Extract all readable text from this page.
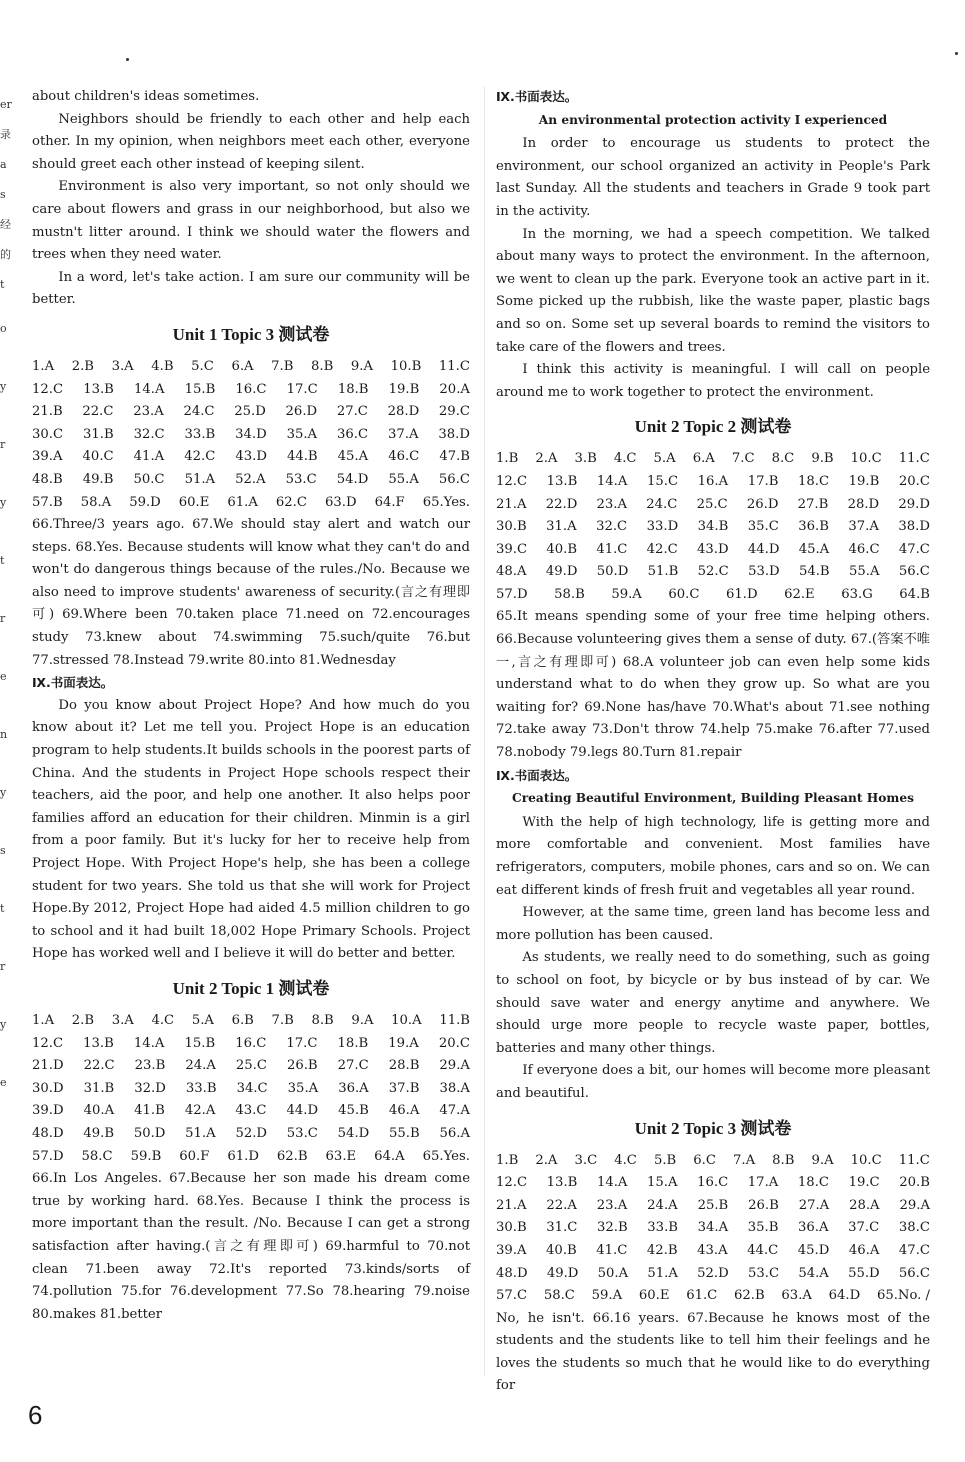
er
录
a
s
经
的
t
o
y
r
y
t
r
e
n
y
s
t
r
y
e

about children's ideas sometimes.

Neighbors should be friendly to each other and help each other. In my opinion, when neighbors meet each other, everyone should greet each other instead of keeping silent.

Environment is also very important, so not only should we care about flowers and grass in our neighborhood, but also we mustn't litter around. I think we should water the flowers and trees when they need water.

In a word, let's take action. I am sure our community will be better.

Unit 1 Topic 3 测试卷
1.A 2.B 3.A 4.B 5.C 6.A 7.B 8.B 9.A 10.B 11.C
12.C 13.B 14.A 15.B 16.C 17.C 18.B 19.B 20.A
21.B 22.C 23.A 24.C 25.D 26.D 27.C 28.D 29.C
30.C 31.B 32.C 33.B 34.D 35.A 36.C 37.A 38.D
39.A 40.C 41.A 42.C 43.D 44.B 45.A 46.C 47.B
48.B 49.B 50.C 51.A 52.A 53.C 54.D 55.A 56.C
57.B 58.A 59.D 60.E 61.A 62.C 63.D 64.F 65.Yes.

66.Three/3 years ago. 67.We should stay alert and watch our steps. 68.Yes. Because students will know what they can't do and won't do dangerous things because of the rules./No. Because we also need to improve students' awareness of security.(言之有理即可) 69.Where been 70.taken place 71.need on 72.encourages study 73.knew about 74.swimming 75.such/quite 76.but 77.stressed 78.Instead 79.write 80.into 81.Wednesday

Ⅸ.书面表达。

Do you know about Project Hope? And how much do you know about it? Let me tell you. Project Hope is an education program to help students.It builds schools in the poorest parts of China. And the students in Project Hope schools respect their teachers, aid the poor, and help one another. It also helps poor families afford an education for their children. Minmin is a girl from a poor family. But it's lucky for her to receive help from Project Hope. With Project Hope's help, she has been a college student for two years. She told us that she will work for Project Hope.By 2012, Project Hope had aided 4.5 million children to go to school and it had built 18,002 Hope Primary Schools. Project Hope has worked well and I believe it will do better and better.

Unit 2 Topic 1 测试卷
1.A 2.B 3.A 4.C 5.A 6.B 7.B 8.B 9.A 10.A 11.B
12.C 13.B 14.A 15.B 16.C 17.C 18.B 19.A 20.C
21.D 22.C 23.B 24.A 25.C 26.B 27.C 28.B 29.A
30.D 31.B 32.D 33.B 34.C 35.A 36.A 37.B 38.A
39.D 40.A 41.B 42.A 43.C 44.D 45.B 46.A 47.A
48.D 49.B 50.D 51.A 52.D 53.C 54.D 55.B 56.A
57.D 58.C 59.B 60.F 61.D 62.B 63.E 64.A 65.Yes.

66.In Los Angeles. 67.Because her son made his dream come true by working hard. 68.Yes. Because I think the process is more important than the result. /No. Because I can get a strong satisfaction after having.(言之有理即可) 69.harmful to 70.not clean 71.been away 72.It's reported 73.kinds/sorts of 74.pollution 75.for 76.development 77.So 78.hearing 79.noise 80.makes 81.better

Ⅸ.书面表达。

An environmental protection activity I experienced

In order to encourage us students to protect the environment, our school organized an activity in People's Park last Sunday. All the students and teachers in Grade 9 took part in the activity.

In the morning, we had a speech competition. We talked about many ways to protect the environment. In the afternoon, we went to clean up the park. Everyone took an active part in it. Some picked up the rubbish, like the waste paper, plastic bags and so on. Some set up several boards to remind the visitors to take care of the flowers and trees.

I think this activity is meaningful. I will call on people around me to work together to protect the environment.

Unit 2 Topic 2 测试卷
1.B 2.A 3.B 4.C 5.A 6.A 7.C 8.C 9.B 10.C 11.C
12.C 13.B 14.A 15.C 16.A 17.B 18.C 19.B 20.C
21.A 22.D 23.A 24.C 25.C 26.D 27.B 28.D 29.D
30.B 31.A 32.C 33.D 34.B 35.C 36.B 37.A 38.D
39.C 40.B 41.C 42.C 43.D 44.D 45.A 46.C 47.C
48.A 49.D 50.D 51.B 52.C 53.D 54.B 55.A 56.C
57.D 58.B 59.A 60.C 61.D 62.E 63.G 64.B

65.It means spending some of your free time helping others. 66.Because volunteering gives them a sense of duty. 67.(答案不唯一,言之有理即可) 68.A volunteer job can even help some kids understand what to do when they grow up. So what are you waiting for? 69.None has/have 70.What's about 71.see nothing 72.take away 73.Don't throw 74.help 75.make 76.after 77.used 78.nobody 79.legs 80.Turn 81.repair

Ⅸ.书面表达。

Creating Beautiful Environment, Building Pleasant Homes

With the help of high technology, life is getting more and more comfortable and convenient. Most families have refrigerators, computers, mobile phones, cars and so on. We can eat different kinds of fresh fruit and vegetables all year round.

However, at the same time, green land has become less and more pollution has been caused.

As students, we really need to do something, such as going to school on foot, by bicycle or by bus instead of by car. We should save water and energy anytime and anywhere. We should urge more people to recycle waste paper, bottles, batteries and many other things.

If everyone does a bit, our homes will become more pleasant and beautiful.

Unit 2 Topic 3 测试卷
1.B 2.A 3.C 4.C 5.B 6.C 7.A 8.B 9.A 10.C 11.C
12.C 13.B 14.A 15.A 16.C 17.A 18.C 19.C 20.B
21.A 22.A 23.A 24.A 25.B 26.B 27.A 28.A 29.A
30.B 31.C 32.B 33.B 34.A 35.B 36.A 37.C 38.C
39.A 40.B 41.C 42.B 43.A 44.C 45.D 46.A 47.C
48.D 49.D 50.A 51.A 52.D 53.C 54.A 55.D 56.C
57.C 58.C 59.A 60.E 61.C 62.B 63.A 64.D 65.No. /

No, he isn't. 66.16 years. 67.Because he knows most of the students and the students like to tell him their feelings and he loves the students so much that he would like to do everything for

6
